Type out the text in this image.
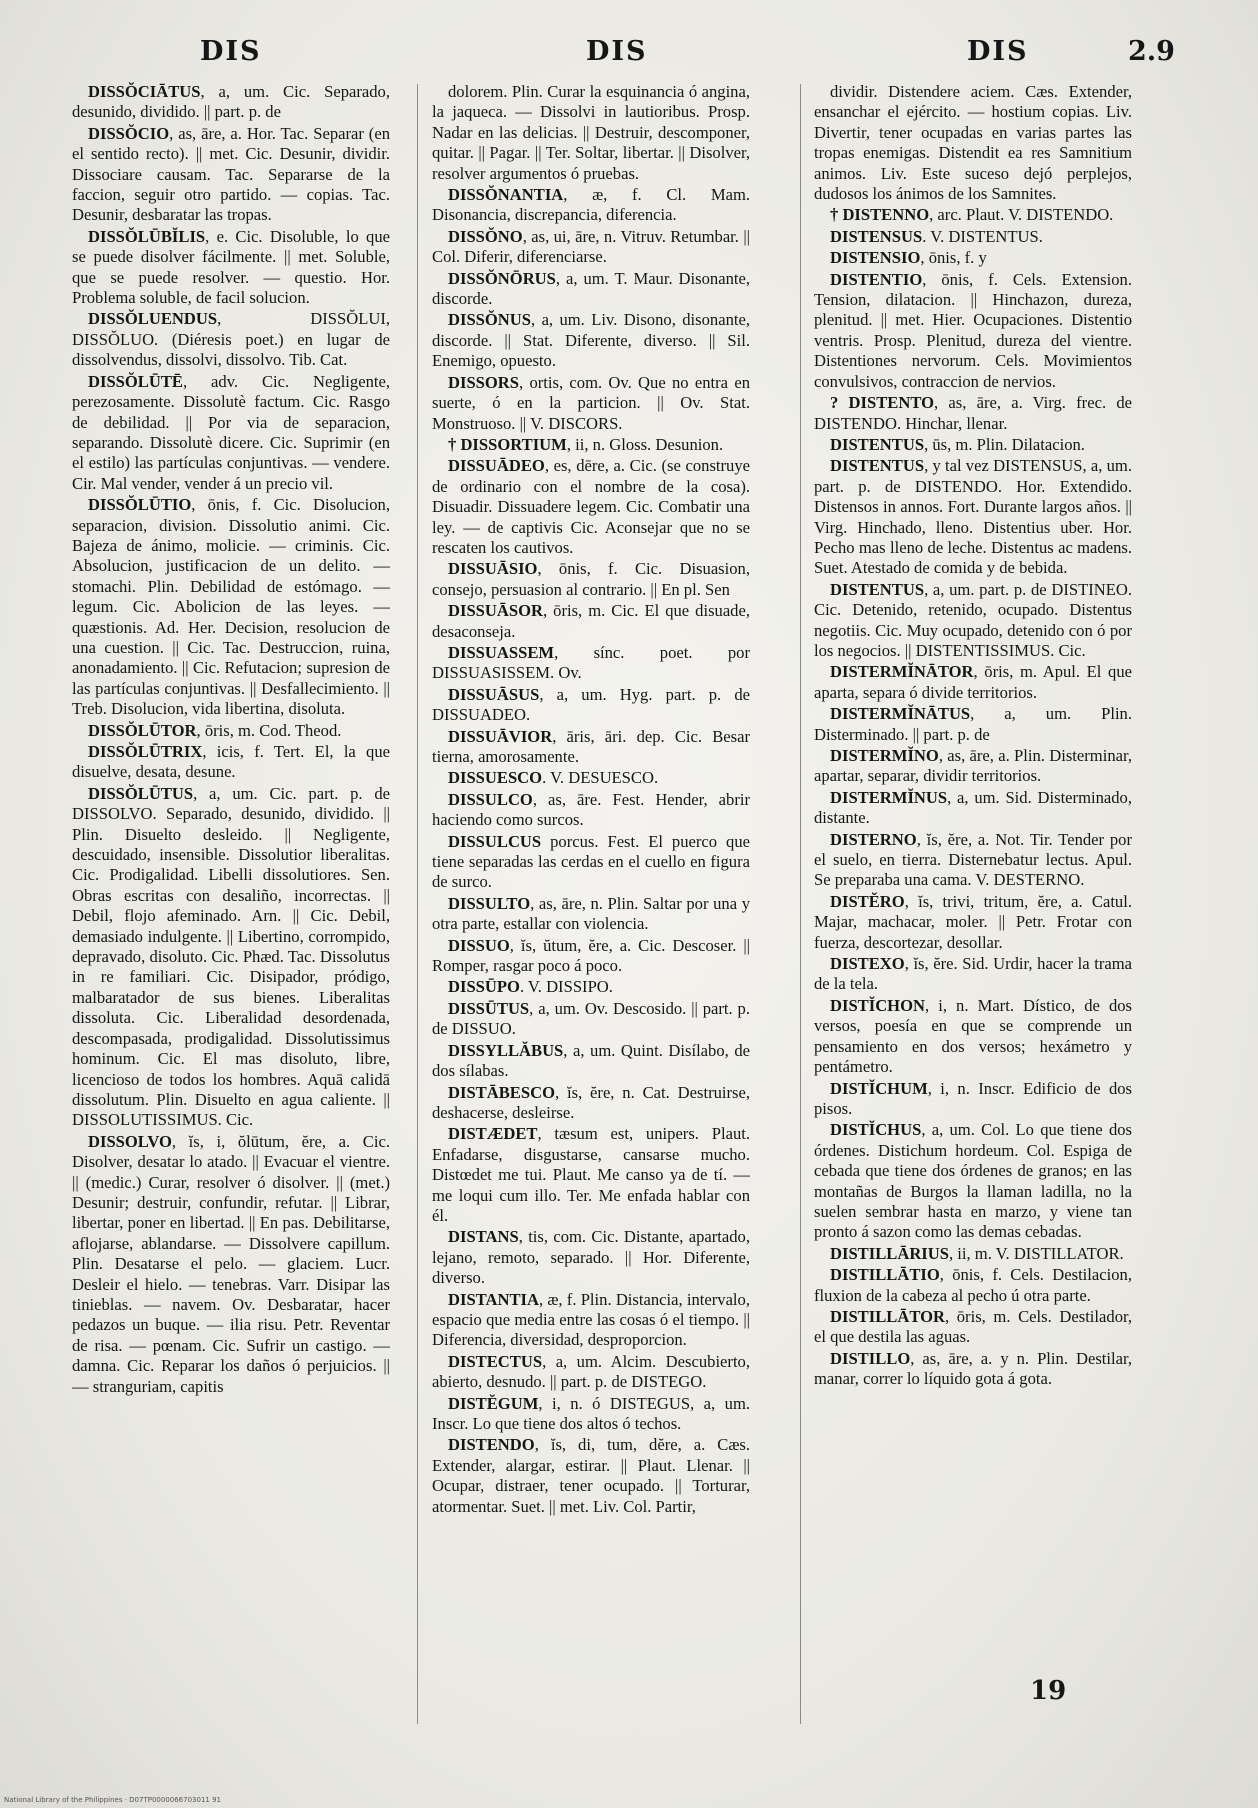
DIS	DIS	DIS	2.9

DISSŎCIĀTUS, a, um. Cic. Separado, desunido, dividido. || part. p. de

DISSŎCIO, as, āre, a. Hor. Tac. Separar (en el sentido recto). || met. Cic. Desunir, dividir. Dissociare causam. Tac. Separarse de la faccion, seguir otro partido. — copias. Tac. Desunir, desbaratar las tropas.

DISSŎLŪBĬLIS, e. Cic. Disoluble, lo que se puede disolver fácilmente. || met. Soluble, que se puede resolver. — questio. Hor. Problema soluble, de facil solucion.

DISSŎLUENDUS, DISSŎLUI, DISSŎLUO. (Diéresis poet.) en lugar de dissolvendus, dissolvi, dissolvo. Tib. Cat.

DISSŎLŪTĒ, adv. Cic. Negligente, perezosamente. Dissolutè factum. Cic. Rasgo de debilidad. || Por via de separacion, separando. Dissolutè dicere. Cic. Suprimir (en el estilo) las partículas conjuntivas. — vendere. Cir. Mal vender, vender á un precio vil.

DISSŎLŪTIO, ōnis, f. Cic. Disolucion, separacion, division. Dissolutio animi. Cic. Bajeza de ánimo, molicie. — criminis. Cic. Absolucion, justificacion de un delito. — stomachi. Plin. Debilidad de estómago. — legum. Cic. Abolicion de las leyes. — quæstionis. Ad. Her. Decision, resolucion de una cuestion. || Cic. Tac. Destruccion, ruina, anonadamiento. || Cic. Refutacion; supresion de las partículas conjuntivas. || Desfallecimiento. || Treb. Disolucion, vida libertina, disoluta.

DISSŎLŪTOR, ōris, m. Cod. Theod.

DISSŎLŪTRIX, icis, f. Tert. El, la que disuelve, desata, desune.

DISSŎLŪTUS, a, um. Cic. part. p. de DISSOLVO. Separado, desunido, dividido. || Plin. Disuelto desleido. || Negligente, descuidado, insensible. Dissolutior liberalitas. Cic. Prodigalidad. Libelli dissolutiores. Sen. Obras escritas con desaliño, incorrectas. || Debil, flojo afeminado. Arn. || Cic. Debil, demasiado indulgente. || Libertino, corrompido, depravado, disoluto. Cic. Phæd. Tac. Dissolutus in re familiari. Cic. Disipador, pródigo, malbaratador de sus bienes. Liberalitas dissoluta. Cic. Liberalidad desordenada, descompasada, prodigalidad. Dissolutissimus hominum. Cic. El mas disoluto, libre, licencioso de todos los hombres. Aquā calidā dissolutum. Plin. Disuelto en agua caliente. || DISSOLUTISSIMUS. Cic.

DISSOLVO, ĭs, i, ŏlūtum, ĕre, a. Cic. Disolver, desatar lo atado. || Evacuar el vientre. || (medic.) Curar, resolver ó disolver. || (met.) Desunir; destruir, confundir, refutar. || Librar, libertar, poner en libertad. || En pas. Debilitarse, aflojarse, ablandarse. — Dissolvere capillum. Plin. Desatarse el pelo. — glaciem. Lucr. Desleir el hielo. — tenebras. Varr. Disipar las tinieblas. — navem. Ov. Desbaratar, hacer pedazos un buque. — ilia risu. Petr. Reventar de risa. — pœnam. Cic. Sufrir un castigo. — damna. Cic. Reparar los daños ó perjuicios. || — stranguriam, capitis

dolorem. Plin. Curar la esquinancia ó angina, la jaqueca. — Dissolvi in lautioribus. Prosp. Nadar en las delicias. || Destruir, descomponer, quitar. || Pagar. || Ter. Soltar, libertar. || Disolver, resolver argumentos ó pruebas.

DISSŎNANTIA, æ, f. Cl. Mam. Disonancia, discrepancia, diferencia.

DISSŎNO, as, ui, āre, n. Vitruv. Retumbar. || Col. Diferir, diferenciarse.

DISSŎNŌRUS, a, um. T. Maur. Disonante, discorde.

DISSŎNUS, a, um. Liv. Disono, disonante, discorde. || Stat. Diferente, diverso. || Sil. Enemigo, opuesto.

DISSORS, ortis, com. Ov. Que no entra en suerte, ó en la particion. || Ov. Stat. Monstruoso. || V. DISCORS.

† DISSORTIUM, ii, n. Gloss. Desunion.

DISSUĀDEO, es, dēre, a. Cic. (se construye de ordinario con el nombre de la cosa). Disuadir. Dissuadere legem. Cic. Combatir una ley. — de captivis Cic. Aconsejar que no se rescaten los cautivos.

DISSUĀSIO, ōnis, f. Cic. Disuasion, consejo, persuasion al contrario. || En pl. Sen

DISSUĀSOR, ōris, m. Cic. El que disuade, desaconseja.

DISSUASSEM, sínc. poet. por DISSUASISSEM. Ov.

DISSUĀSUS, a, um. Hyg. part. p. de DISSUADEO.

DISSUĀVIOR, āris, āri. dep. Cic. Besar tierna, amorosamente.

DISSUESCO. V. DESUESCO.

DISSULCO, as, āre. Fest. Hender, abrir haciendo como surcos.

DISSULCUS porcus. Fest. El puerco que tiene separadas las cerdas en el cuello en figura de surco.

DISSULTO, as, āre, n. Plin. Saltar por una y otra parte, estallar con violencia.

DISSUO, ĭs, ŭtum, ĕre, a. Cic. Descoser. || Romper, rasgar poco á poco.

DISSŪPO. V. DISSIPO.

DISSŪTUS, a, um. Ov. Descosido. || part. p. de DISSUO.

DISSYLLĂBUS, a, um. Quint. Disílabo, de dos sílabas.

DISTĀBESCO, ĭs, ĕre, n. Cat. Destruirse, deshacerse, desleirse.

DISTÆDET, tæsum est, unipers. Plaut. Enfadarse, disgustarse, cansarse mucho. Distœdet me tui. Plaut. Me canso ya de tí. — me loqui cum illo. Ter. Me enfada hablar con él.

DISTANS, tis, com. Cic. Distante, apartado, lejano, remoto, separado. || Hor. Diferente, diverso.

DISTANTIA, æ, f. Plin. Distancia, intervalo, espacio que media entre las cosas ó el tiempo. || Diferencia, diversidad, desproporcion.

DISTECTUS, a, um. Alcim. Descubierto, abierto, desnudo. || part. p. de DISTEGO.

DISTĔGUM, i, n. ó DISTEGUS, a, um. Inscr. Lo que tiene dos altos ó techos.

DISTENDO, ĭs, di, tum, dĕre, a. Cæs. Extender, alargar, estirar. || Plaut. Llenar. || Ocupar, distraer, tener ocupado. || Torturar, atormentar. Suet. || met. Liv. Col. Partir,

dividir. Distendere aciem. Cæs. Extender, ensanchar el ejército. — hostium copias. Liv. Divertir, tener ocupadas en varias partes las tropas enemigas. Distendit ea res Samnitium animos. Liv. Este suceso dejó perplejos, dudosos los ánimos de los Samnites.

† DISTENNO, arc. Plaut. V. DISTENDO.

DISTENSUS. V. DISTENTUS.

DISTENSIO, ōnis, f. y

DISTENTIO, ōnis, f. Cels. Extension. Tension, dilatacion. || Hinchazon, dureza, plenitud. || met. Hier. Ocupaciones. Distentio ventris. Prosp. Plenitud, dureza del vientre. Distentiones nervorum. Cels. Movimientos convulsivos, contraccion de nervios.

? DISTENTO, as, āre, a. Virg. frec. de DISTENDO. Hinchar, llenar.

DISTENTUS, ūs, m. Plin. Dilatacion.

DISTENTUS, y tal vez DISTENSUS, a, um. part. p. de DISTENDO. Hor. Extendido. Distensos in annos. Fort. Durante largos años. || Virg. Hinchado, lleno. Distentius uber. Hor. Pecho mas lleno de leche. Distentus ac madens. Suet. Atestado de comida y de bebida.

DISTENTUS, a, um. part. p. de DISTINEO. Cic. Detenido, retenido, ocupado. Distentus negotiis. Cic. Muy ocupado, detenido con ó por los negocios. || DISTENTISSIMUS. Cic.

DISTERMĬNĀTOR, ōris, m. Apul. El que aparta, separa ó divide territorios.

DISTERMĬNĀTUS, a, um. Plin. Disterminado. || part. p. de

DISTERMĬNO, as, āre, a. Plin. Disterminar, apartar, separar, dividir territorios.

DISTERMĬNUS, a, um. Sid. Disterminado, distante.

DISTERNO, ĭs, ĕre, a. Not. Tir. Tender por el suelo, en tierra. Disternebatur lectus. Apul. Se preparaba una cama. V. DESTERNO.

DISTĔRO, ĭs, trivi, tritum, ĕre, a. Catul. Majar, machacar, moler. || Petr. Frotar con fuerza, descortezar, desollar.

DISTEXO, ĭs, ĕre. Sid. Urdir, hacer la trama de la tela.

DISTĬCHON, i, n. Mart. Dístico, de dos versos, poesía en que se comprende un pensamiento en dos versos; hexámetro y pentámetro.

DISTĬCHUM, i, n. Inscr. Edificio de dos pisos.

DISTĬCHUS, a, um. Col. Lo que tiene dos órdenes. Distichum hordeum. Col. Espiga de cebada que tiene dos órdenes de granos; en las montañas de Burgos la llaman ladilla, no la suelen sembrar hasta en marzo, y viene tan pronto á sazon como las demas cebadas.

DISTILLĀRIUS, ii, m. V. DISTILLATOR.

DISTILLĀTIO, ōnis, f. Cels. Destilacion, fluxion de la cabeza al pecho ú otra parte.

DISTILLĀTOR, ōris, m. Cels. Destilador, el que destila las aguas.

DISTILLO, as, āre, a. y n. Plin. Destilar, manar, correr lo líquido gota á gota.

19
National Library of the Philippines · D07TP0000066703011 91
